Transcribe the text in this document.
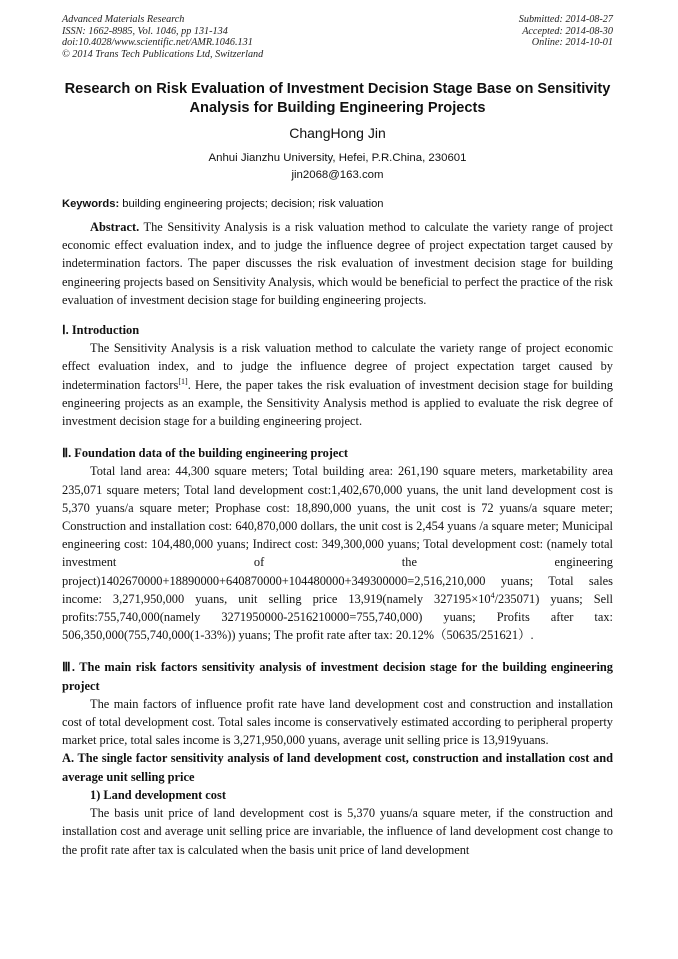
Advanced Materials Research
ISSN: 1662-8985, Vol. 1046, pp 131-134
doi:10.4028/www.scientific.net/AMR.1046.131
© 2014 Trans Tech Publications Ltd, Switzerland
Submitted: 2014-08-27
Accepted: 2014-08-30
Online: 2014-10-01
Research on Risk Evaluation of Investment Decision Stage Base on Sensitivity Analysis for Building Engineering Projects
ChangHong Jin
Anhui Jianzhu University, Hefei, P.R.China, 230601
jin2068@163.com
Keywords: building engineering projects; decision; risk valuation

Abstract. The Sensitivity Analysis is a risk valuation method to calculate the variety range of project economic effect evaluation index, and to judge the influence degree of project expectation target caused by indetermination factors. The paper discusses the risk evaluation of investment decision stage for building engineering projects based on Sensitivity Analysis, which would be beneficial to perfect the practice of the risk evaluation of investment decision stage for building engineering projects.

Ⅰ. Introduction

The Sensitivity Analysis is a risk valuation method to calculate the variety range of project economic effect evaluation index, and to judge the influence degree of project expectation target caused by indetermination factors[1]. Here, the paper takes the risk evaluation of investment decision stage for building engineering projects as an example, the Sensitivity Analysis method is applied to evaluate the risk degree of investment decision stage for a building engineering project.

Ⅱ. Foundation data of the building engineering project

Total land area: 44,300 square meters; Total building area: 261,190 square meters, marketability area 235,071 square meters; Total land development cost:1,402,670,000 yuans, the unit land development cost is 5,370 yuans/a square meter; Prophase cost: 18,890,000 yuans, the unit cost is 72 yuans/a square meter; Construction and installation cost: 640,870,000 dollars, the unit cost is 2,454 yuans /a square meter; Municipal engineering cost: 104,480,000 yuans; Indirect cost: 349,300,000 yuans; Total development cost: (namely total investment of the engineering project)1402670000+18890000+640870000+104480000+349300000=2,516,210,000 yuans; Total sales income: 3,271,950,000 yuans, unit selling price 13,919(namely $327195\times 10^4/235071$) yuans; Sell profits:755,740,000(namely 3271950000-2516210000=755,740,000) yuans; Profits after tax: 506,350,000(755,740,000(1-33%)) yuans; The profit rate after tax: 20.12%（50635/251621）.

Ⅲ. The main risk factors sensitivity analysis of investment decision stage for the building engineering project

The main factors of influence profit rate have land development cost and construction and installation cost of total development cost. Total sales income is conservatively estimated according to peripheral property market price, total sales income is 3,271,950,000 yuans, average unit selling price is 13,919yuans.

A. The single factor sensitivity analysis of land development cost, construction and installation cost and average unit selling price
1) Land development cost

The basis unit price of land development cost is 5,370 yuans/a square meter, if the construction and installation cost and average unit selling price are invariable, the influence of land development cost change to the profit rate after tax is calculated when the basis unit price of land development
